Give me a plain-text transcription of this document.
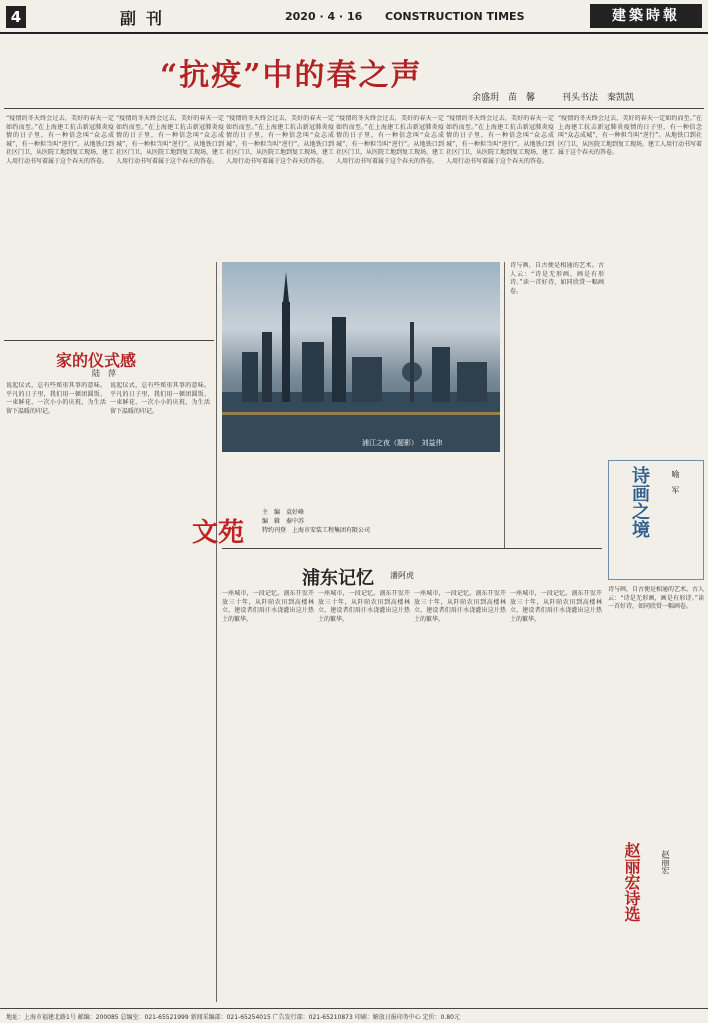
4	副刊	2020 · 4 · 16 CONSTRUCTION TIMES	建築時報
“抗疫”中的春之声
余盛玥　苗　馨　　　刊头书法　秦凯凯
“疫情的冬天终会过去，美好的春天一定如约而至。”在上海建工抗击新冠肺炎疫情的日子里，有一种信念叫“众志成城”，有一种担当叫“逆行”。从地铁口到社区门卫，从医院工地到复工现场，建工人用行动书写着属于这个春天的答卷。
“疫情的冬天终会过去，美好的春天一定如约而至。”在上海建工抗击新冠肺炎疫情的日子里，有一种信念叫“众志成城”，有一种担当叫“逆行”。从地铁口到社区门卫，从医院工地到复工现场，建工人用行动书写着属于这个春天的答卷。
“疫情的冬天终会过去，美好的春天一定如约而至。”在上海建工抗击新冠肺炎疫情的日子里，有一种信念叫“众志成城”，有一种担当叫“逆行”。从地铁口到社区门卫，从医院工地到复工现场，建工人用行动书写着属于这个春天的答卷。
“疫情的冬天终会过去，美好的春天一定如约而至。”在上海建工抗击新冠肺炎疫情的日子里，有一种信念叫“众志成城”，有一种担当叫“逆行”。从地铁口到社区门卫，从医院工地到复工现场，建工人用行动书写着属于这个春天的答卷。
“疫情的冬天终会过去，美好的春天一定如约而至。”在上海建工抗击新冠肺炎疫情的日子里，有一种信念叫“众志成城”，有一种担当叫“逆行”。从地铁口到社区门卫，从医院工地到复工现场，建工人用行动书写着属于这个春天的答卷。
“疫情的冬天终会过去，美好的春天一定如约而至。”在上海建工抗击新冠肺炎疫情的日子里，有一种信念叫“众志成城”，有一种担当叫“逆行”。从地铁口到社区门卫，从医院工地到复工现场，建工人用行动书写着属于这个春天的答卷。
家的仪式感
陆　萍
说起仪式，总有些郑重其事的意味。平凡的日子里，我们用一顿团圆饭、一束鲜花、一次小小的庆祝，为生活留下温暖的印记。
说起仪式，总有些郑重其事的意味。平凡的日子里，我们用一顿团圆饭、一束鲜花、一次小小的庆祝，为生活留下温暖的印记。
浦江之夜（题影）　刘益伟
文苑
主　编　袁好峰
编　辑　秦中苏
特约刊登　上海市安装工程集团有限公司
浦东记忆 潘阿虎
一座城市，一段记忆。浦东开发开放三十年，从阡陌农田到高楼林立，建设者们用汗水浇灌出这片热土的繁华。
一座城市，一段记忆。浦东开发开放三十年，从阡陌农田到高楼林立，建设者们用汗水浇灌出这片热土的繁华。
一座城市，一段记忆。浦东开发开放三十年，从阡陌农田到高楼林立，建设者们用汗水浇灌出这片热土的繁华。
一座城市，一段记忆。浦东开发开放三十年，从阡陌农田到高楼林立，建设者们用汗水浇灌出这片热土的繁华。
诗与画，自古便是相通的艺术。古人云：“诗是无形画，画是有形诗。”读一首好诗，如同欣赏一幅画卷。
诗画之境	喻　军
诗与画，自古便是相通的艺术。古人云：“诗是无形画，画是有形诗。”读一首好诗，如同欣赏一幅画卷。
赵丽宏诗选	赵丽宏
地址：上海市福建北路1号 邮编：200085 总编室：021-65521999 新闻采编部：021-65254015 广告发行部：021-65210873 印刷：解放日报印务中心 定价：0.80元
